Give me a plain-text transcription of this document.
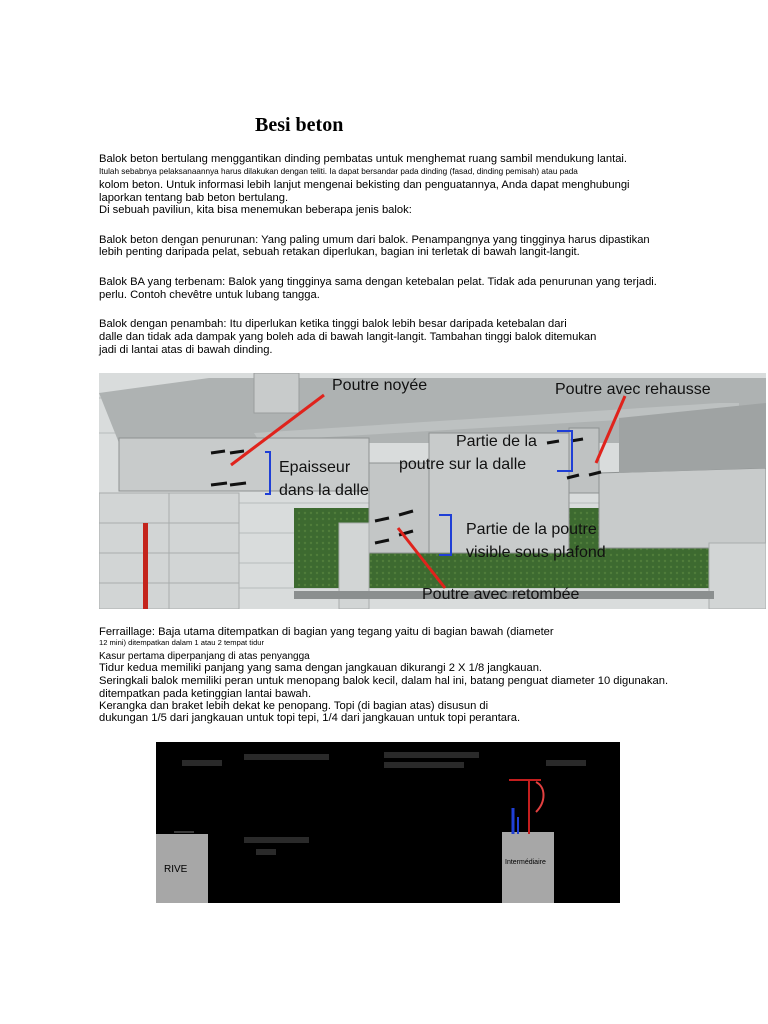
Besi beton

Balok beton bertulang menggantikan dinding pembatas untuk menghemat ruang sambil mendukung lantai.

Itulah sebabnya pelaksanaannya harus dilakukan dengan teliti. Ia dapat bersandar pada dinding (fasad, dinding pemisah) atau pada

kolom beton. Untuk informasi lebih lanjut mengenai bekisting dan penguatannya, Anda dapat menghubungi

laporkan tentang bab beton bertulang.

Di sebuah paviliun, kita bisa menemukan beberapa jenis balok:

Balok beton dengan penurunan: Yang paling umum dari balok. Penampangnya yang tingginya harus dipastikan

lebih penting daripada pelat, sebuah retakan diperlukan, bagian ini terletak di bawah langit-langit.

Balok BA yang terbenam: Balok yang tingginya sama dengan ketebalan pelat. Tidak ada penurunan yang terjadi.

perlu. Contoh chevêtre untuk lubang tangga.

Balok dengan penambah: Itu diperlukan ketika tinggi balok lebih besar daripada ketebalan dari

dalle dan tidak ada dampak yang boleh ada di bawah langit-langit. Tambahan tinggi balok ditemukan

jadi di lantai atas di bawah dinding.

Poutre noyée	Poutre avec rehausse
Partie de la
poutre sur la dalle
Epaisseur
dans la dalle
Partie de la poutre
visible sous plafond
Poutre avec retombée

Ferraillage: Baja utama ditempatkan di bagian yang tegang yaitu di bagian bawah (diameter

12 mini) ditempatkan dalam 1 atau 2 tempat tidur

Kasur pertama diperpanjang di atas penyangga

Tidur kedua memiliki panjang yang sama dengan jangkauan dikurangi 2 X 1/8 jangkauan.

Seringkali balok memiliki peran untuk menopang balok kecil, dalam hal ini, batang penguat diameter 10 digunakan.

ditempatkan pada ketinggian lantai bawah.

Kerangka dan braket lebih dekat ke penopang. Topi (di bagian atas) disusun di

dukungan 1/5 dari jangkauan untuk topi tepi, 1/4 dari jangkauan untuk topi perantara.

RIVE
Intermédiaire
